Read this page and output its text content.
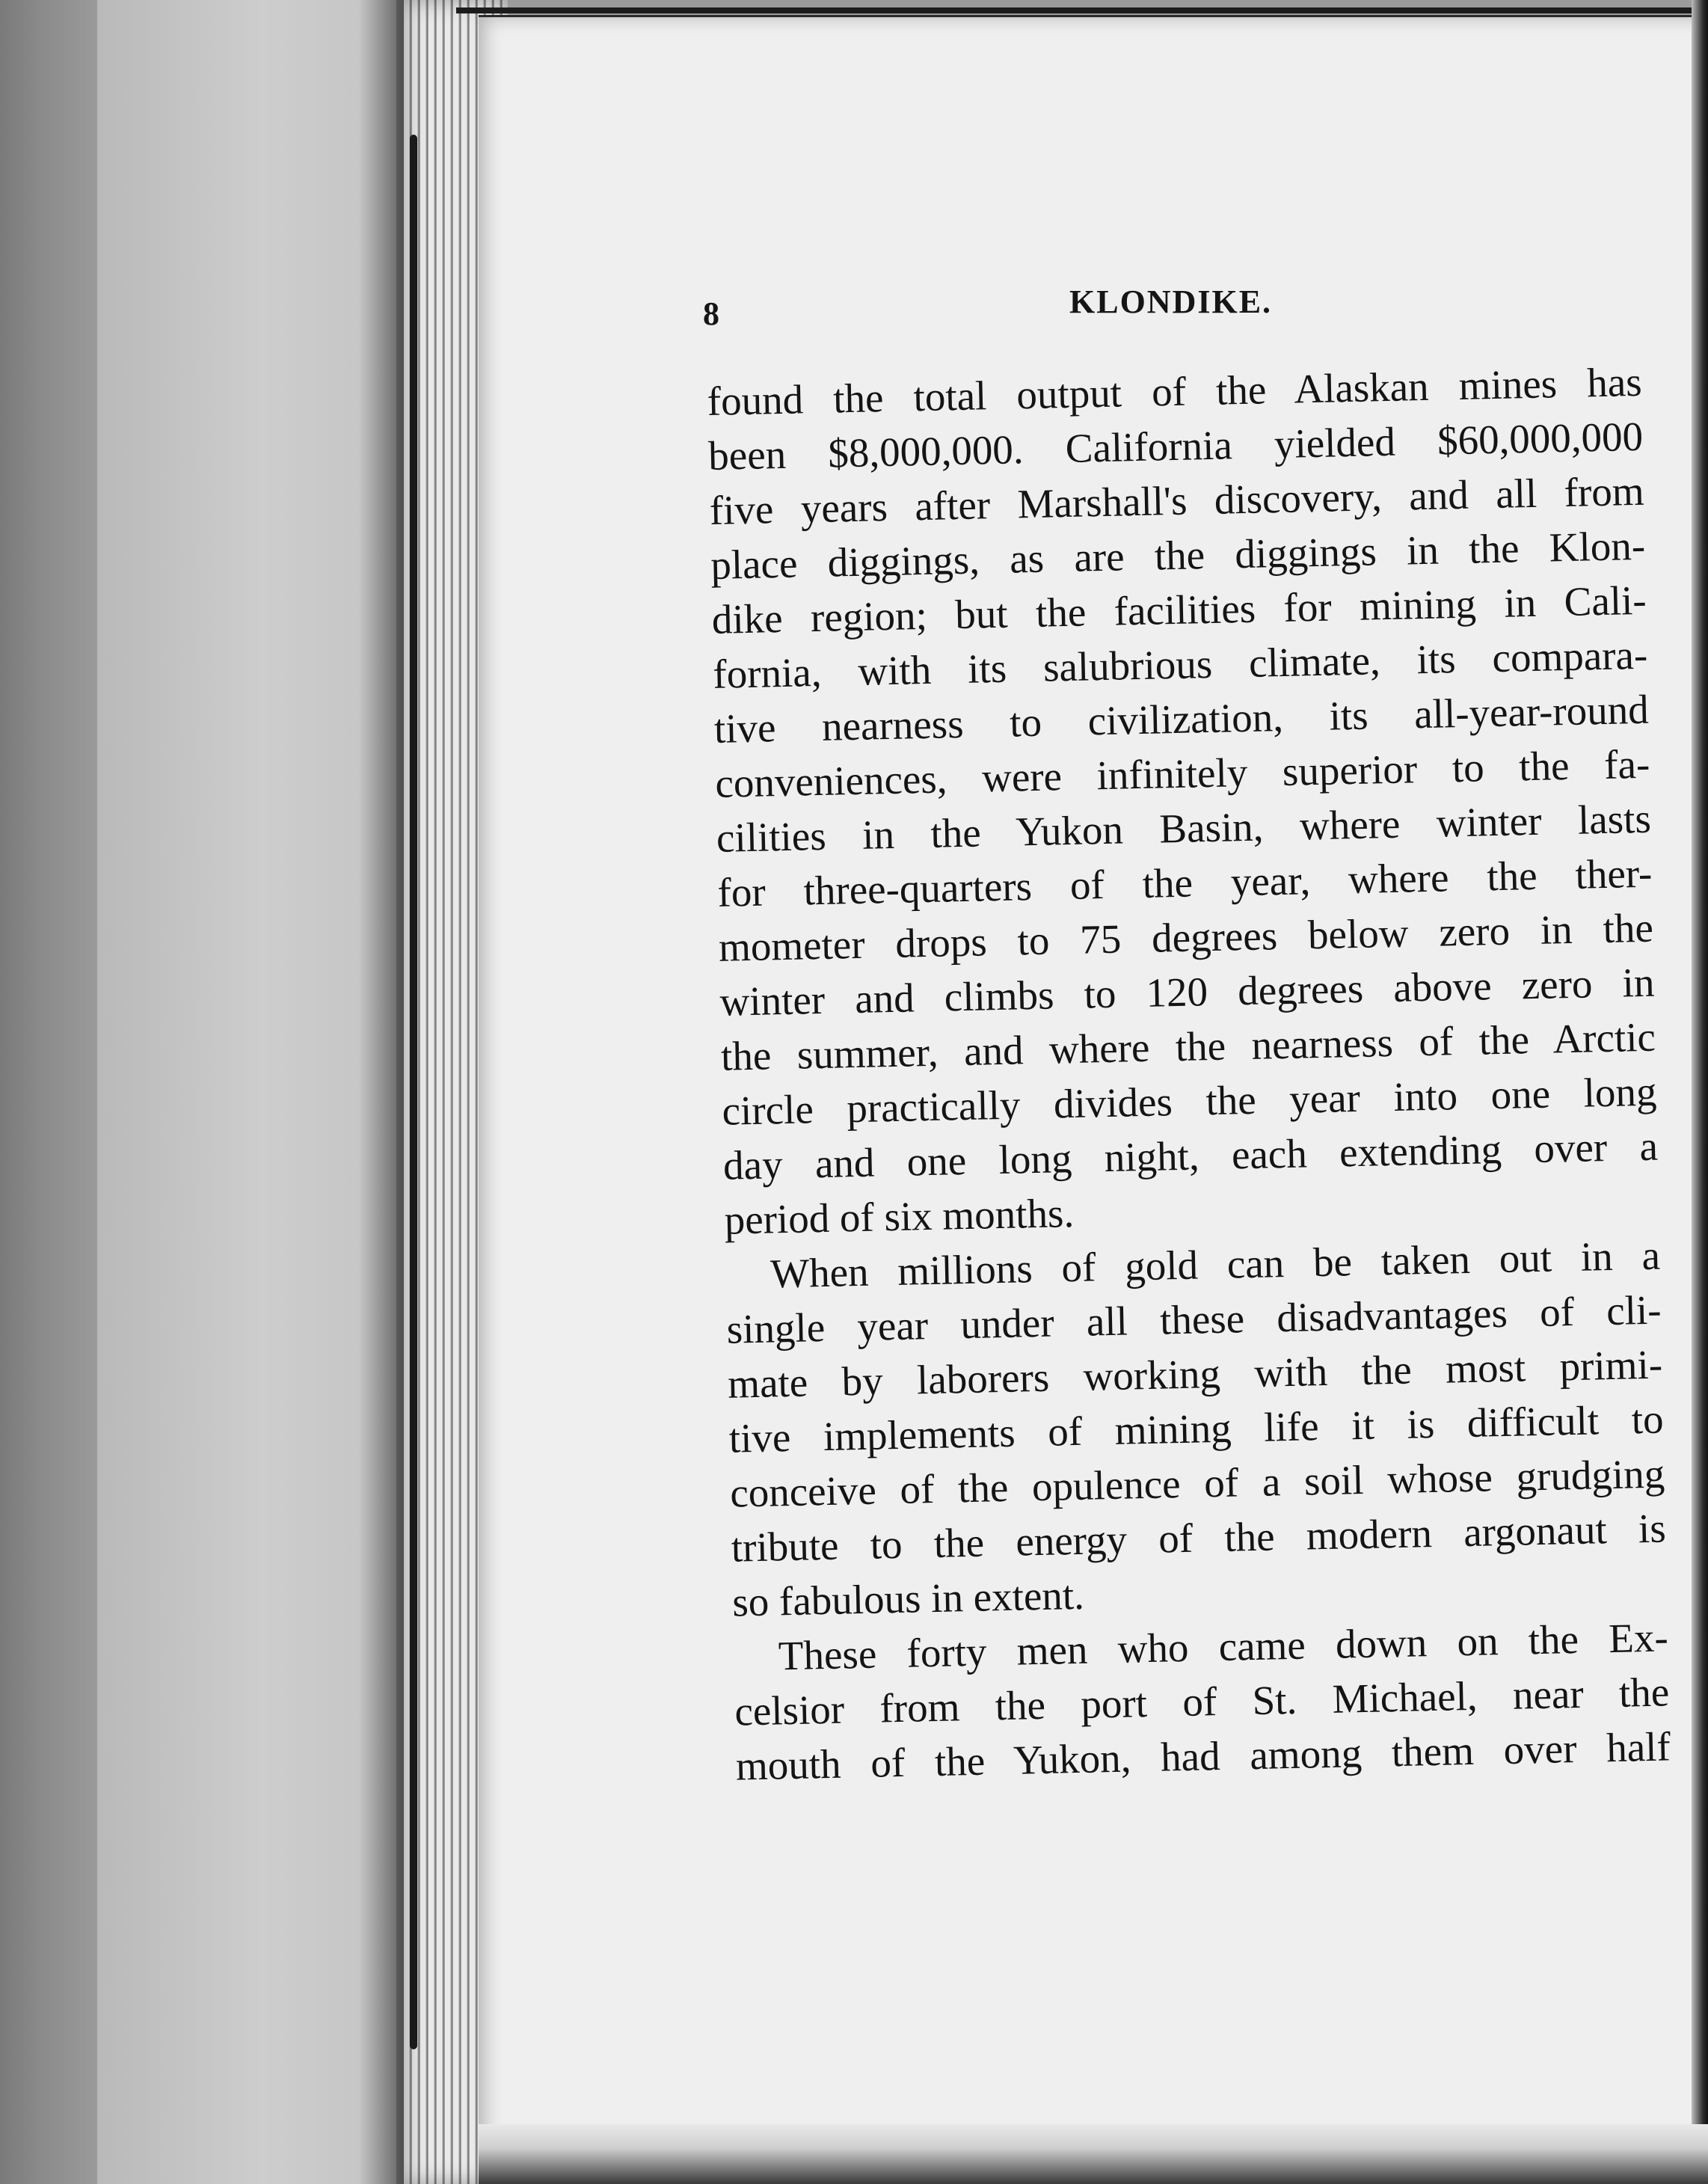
8	KLONDIKE.
found the total output of the Alaskan mines has
been $8,000,000. California yielded $60,000,000
five years after Marshall's discovery, and all from
place diggings, as are the diggings in the Klon-
dike region; but the facilities for mining in Cali-
fornia, with its salubrious climate, its compara-
tive nearness to civilization, its all-year-round
conveniences, were infinitely superior to the fa-
cilities in the Yukon Basin, where winter lasts
for three-quarters of the year, where the ther-
mometer drops to 75 degrees below zero in the
winter and climbs to 120 degrees above zero in
the summer, and where the nearness of the Arctic
circle practically divides the year into one long
day and one long night, each extending over a
period of six months.
When millions of gold can be taken out in a
single year under all these disadvantages of cli-
mate by laborers working with the most primi-
tive implements of mining life it is difficult to
conceive of the opulence of a soil whose grudging
tribute to the energy of the modern argonaut is
so fabulous in extent.
These forty men who came down on the Ex-
celsior from the port of St. Michael, near the
mouth of the Yukon, had among them over half
